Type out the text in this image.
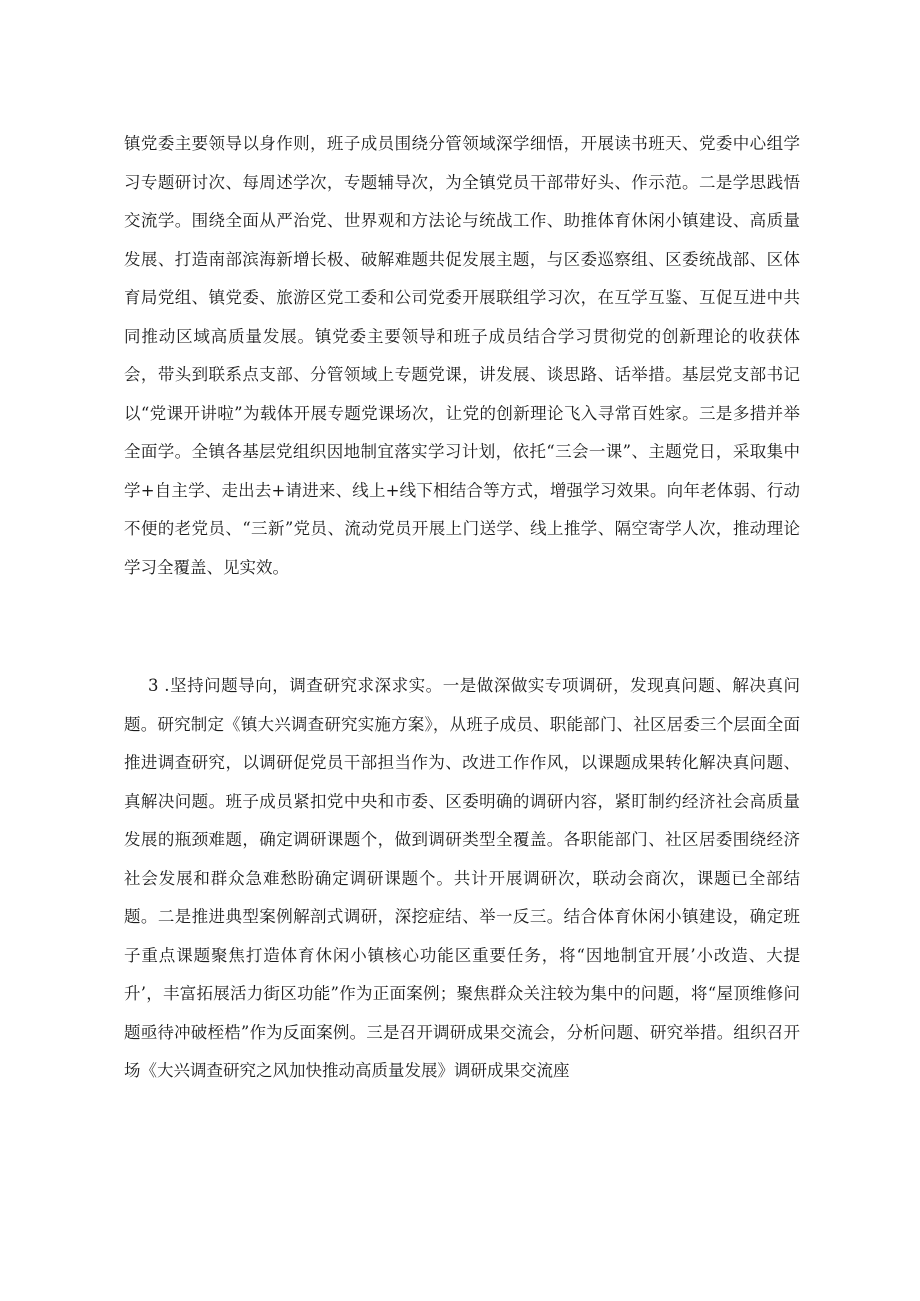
镇党委主要领导以身作则，班子成员围绕分管领域深学细悟，开展读书班天、党委中心组学习专题研讨次、每周述学次，专题辅导次，为全镇党员干部带好头、作示范。二是学思践悟交流学。围绕全面从严治党、世界观和方法论与统战工作、助推体育休闲小镇建设、高质量发展、打造南部滨海新增长极、破解难题共促发展主题，与区委巡察组、区委统战部、区体育局党组、镇党委、旅游区党工委和公司党委开展联组学习次，在互学互鉴、互促互进中共同推动区域高质量发展。镇党委主要领导和班子成员结合学习贯彻党的创新理论的收获体会，带头到联系点支部、分管领域上专题党课，讲发展、谈思路、话举措。基层党支部书记以“党课开讲啦”为载体开展专题党课场次，让党的创新理论飞入寻常百姓家。三是多措并举全面学。全镇各基层党组织因地制宜落实学习计划，依托“三会一课”、主题党日，采取集中学+自主学、走出去+请进来、线上+线下相结合等方式，增强学习效果。向年老体弱、行动不便的老党员、“三新”党员、流动党员开展上门送学、线上推学、隔空寄学人次，推动理论学习全覆盖、见实效。

3 .坚持问题导向，调查研究求深求实。一是做深做实专项调研，发现真问题、解决真问题。研究制定《镇大兴调查研究实施方案》，从班子成员、职能部门、社区居委三个层面全面推进调查研究，以调研促党员干部担当作为、改进工作作风，以课题成果转化解决真问题、真解决问题。班子成员紧扣党中央和市委、区委明确的调研内容，紧盯制约经济社会高质量发展的瓶颈难题，确定调研课题个，做到调研类型全覆盖。各职能部门、社区居委围绕经济社会发展和群众急难愁盼确定调研课题个。共计开展调研次，联动会商次，课题已全部结题。二是推进典型案例解剖式调研，深挖症结、举一反三。结合体育休闲小镇建设，确定班子重点课题聚焦打造体育休闲小镇核心功能区重要任务，将“因地制宜开展’小改造、大提升’，丰富拓展活力街区功能”作为正面案例；聚焦群众关注较为集中的问题，将“屋顶维修问题亟待冲破桎梏”作为反面案例。三是召开调研成果交流会，分析问题、研究举措。组织召开场《大兴调查研究之风加快推动高质量发展》调研成果交流座
